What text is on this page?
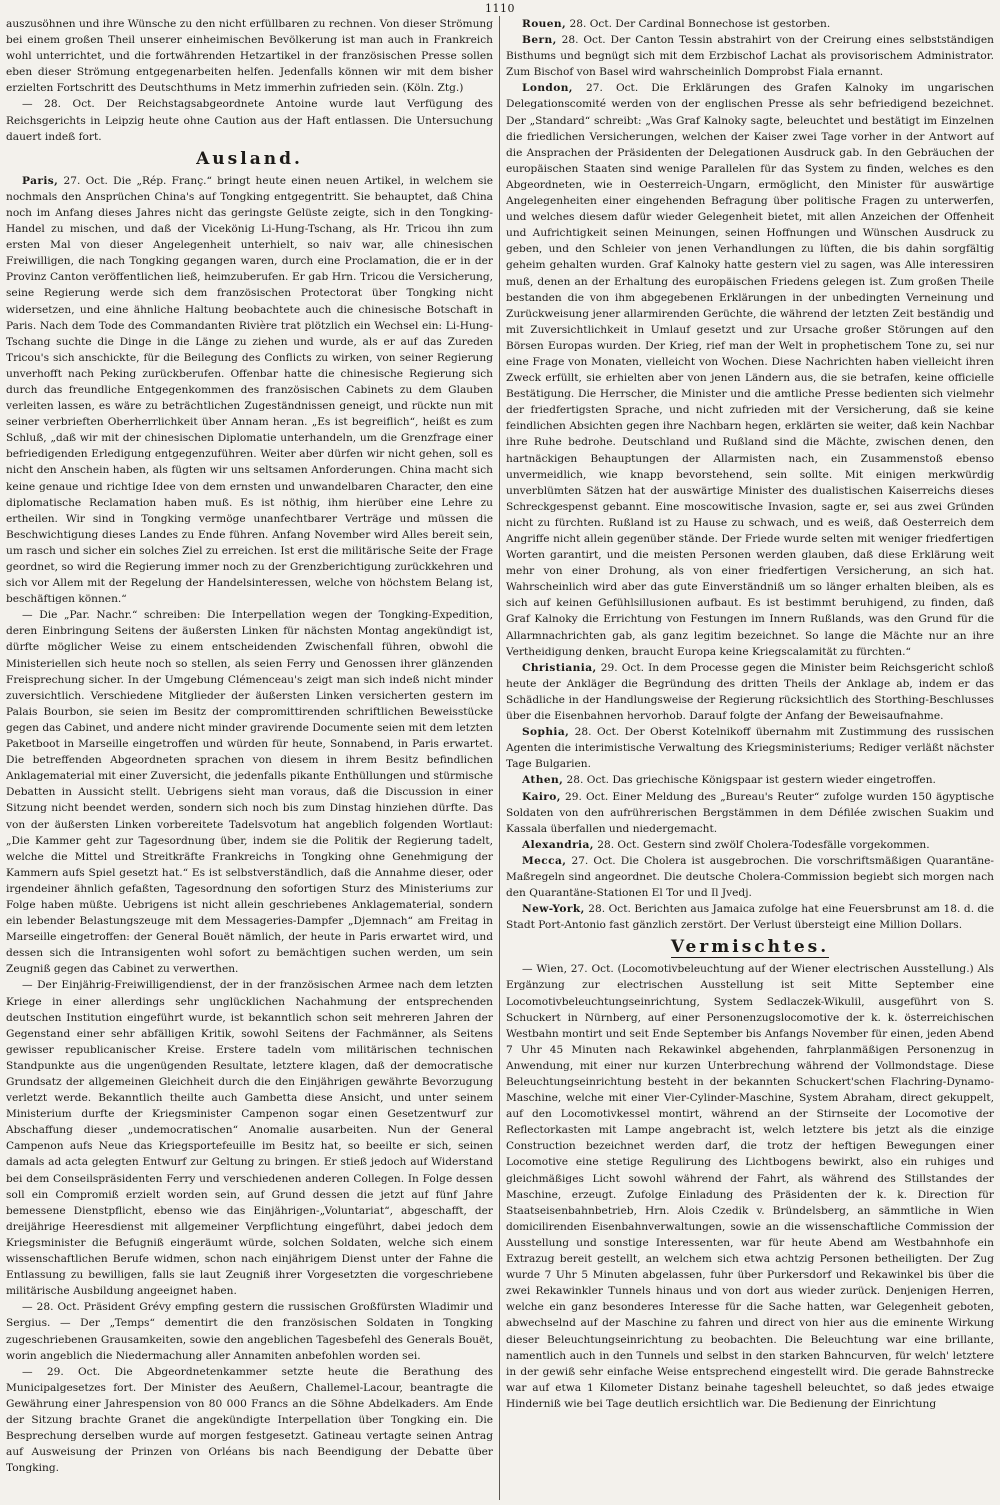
1110

auszusöhnen und ihre Wünsche zu den nicht erfüllbaren zu rechnen. Von dieser Strömung bei einem großen Theil unserer einheimischen Bevölkerung ist man auch in Frankreich wohl unterrichtet, und die fortwährenden Hetzartikel in der französischen Presse sollen eben dieser Strömung entgegenarbeiten helfen. Jedenfalls können wir mit dem bisher erzielten Fortschritt des Deutschthums in Metz immerhin zufrieden sein. (Köln. Ztg.)

— 28. Oct. Der Reichstagsabgeordnete Antoine wurde laut Verfügung des Reichsgerichts in Leipzig heute ohne Caution aus der Haft entlassen. Die Untersuchung dauert indeß fort.

Ausland.

Paris, 27. Oct. Die „Rép. Franç.“ bringt heute einen neuen Artikel, in welchem sie nochmals den Ansprüchen China's auf Tongking entgegentritt. Sie behauptet, daß China noch im Anfang dieses Jahres nicht das geringste Gelüste zeigte, sich in den Tongking-Handel zu mischen, und daß der Vicekönig Li-Hung-Tschang, als Hr. Tricou ihn zum ersten Mal von dieser Angelegenheit unterhielt, so naiv war, alle chinesischen Freiwilligen, die nach Tongking gegangen waren, durch eine Proclamation, die er in der Provinz Canton veröffentlichen ließ, heimzuberufen. Er gab Hrn. Tricou die Versicherung, seine Regierung werde sich dem französischen Protectorat über Tongking nicht widersetzen, und eine ähnliche Haltung beobachtete auch die chinesische Botschaft in Paris. Nach dem Tode des Commandanten Rivière trat plötzlich ein Wechsel ein: Li-Hung-Tschang suchte die Dinge in die Länge zu ziehen und wurde, als er auf das Zureden Tricou's sich anschickte, für die Beilegung des Conflicts zu wirken, von seiner Regierung unverhofft nach Peking zurückberufen. Offenbar hatte die chinesische Regierung sich durch das freundliche Entgegenkommen des französischen Cabinets zu dem Glauben verleiten lassen, es wäre zu beträchtlichen Zugeständnissen geneigt, und rückte nun mit seiner verbrieften Oberherrlichkeit über Annam heran. „Es ist begreiflich“, heißt es zum Schluß, „daß wir mit der chinesischen Diplomatie unterhandeln, um die Grenzfrage einer befriedigenden Erledigung entgegenzuführen. Weiter aber dürfen wir nicht gehen, soll es nicht den Anschein haben, als fügten wir uns seltsamen Anforderungen. China macht sich keine genaue und richtige Idee von dem ernsten und unwandelbaren Character, den eine diplomatische Reclamation haben muß. Es ist nöthig, ihm hierüber eine Lehre zu ertheilen. Wir sind in Tongking vermöge unanfechtbarer Verträge und müssen die Beschwichtigung dieses Landes zu Ende führen. Anfang November wird Alles bereit sein, um rasch und sicher ein solches Ziel zu erreichen. Ist erst die militärische Seite der Frage geordnet, so wird die Regierung immer noch zu der Grenzberichtigung zurückkehren und sich vor Allem mit der Regelung der Handelsinteressen, welche von höchstem Belang ist, beschäftigen können.“

— Die „Par. Nachr.“ schreiben: Die Interpellation wegen der Tongking-Expedition, deren Einbringung Seitens der äußersten Linken für nächsten Montag angekündigt ist, dürfte möglicher Weise zu einem entscheidenden Zwischenfall führen, obwohl die Ministeriellen sich heute noch so stellen, als seien Ferry und Genossen ihrer glänzenden Freisprechung sicher. In der Umgebung Clémenceau's zeigt man sich indeß nicht minder zuversichtlich. Verschiedene Mitglieder der äußersten Linken versicherten gestern im Palais Bourbon, sie seien im Besitz der compromittirenden schriftlichen Beweisstücke gegen das Cabinet, und andere nicht minder gravirende Documente seien mit dem letzten Paketboot in Marseille eingetroffen und würden für heute, Sonnabend, in Paris erwartet. Die betreffenden Abgeordneten sprachen von diesem in ihrem Besitz befindlichen Anklagematerial mit einer Zuversicht, die jedenfalls pikante Enthüllungen und stürmische Debatten in Aussicht stellt. Uebrigens sieht man voraus, daß die Discussion in einer Sitzung nicht beendet werden, sondern sich noch bis zum Dinstag hinziehen dürfte. Das von der äußersten Linken vorbereitete Tadelsvotum hat angeblich folgenden Wortlaut: „Die Kammer geht zur Tagesordnung über, indem sie die Politik der Regierung tadelt, welche die Mittel und Streitkräfte Frankreichs in Tongking ohne Genehmigung der Kammern aufs Spiel gesetzt hat.“ Es ist selbstverständlich, daß die Annahme dieser, oder irgendeiner ähnlich gefaßten, Tagesordnung den sofortigen Sturz des Ministeriums zur Folge haben müßte. Uebrigens ist nicht allein geschriebenes Anklagematerial, sondern ein lebender Belastungszeuge mit dem Messageries-Dampfer „Djemnach“ am Freitag in Marseille eingetroffen: der General Bouët nämlich, der heute in Paris erwartet wird, und dessen sich die Intransigenten wohl sofort zu bemächtigen suchen werden, um sein Zeugniß gegen das Cabinet zu verwerthen.

— Der Einjährig-Freiwilligendienst, der in der französischen Armee nach dem letzten Kriege in einer allerdings sehr unglücklichen Nachahmung der entsprechenden deutschen Institution eingeführt wurde, ist bekanntlich schon seit mehreren Jahren der Gegenstand einer sehr abfälligen Kritik, sowohl Seitens der Fachmänner, als Seitens gewisser republicanischer Kreise. Erstere tadeln vom militärischen technischen Standpunkte aus die ungenügenden Resultate, letztere klagen, daß der democratische Grundsatz der allgemeinen Gleichheit durch die den Einjährigen gewährte Bevorzugung verletzt werde. Bekanntlich theilte auch Gambetta diese Ansicht, und unter seinem Ministerium durfte der Kriegsminister Campenon sogar einen Gesetzentwurf zur Abschaffung dieser „undemocratischen“ Anomalie ausarbeiten. Nun der General Campenon aufs Neue das Kriegsportefeuille im Besitz hat, so beeilte er sich, seinen damals ad acta gelegten Entwurf zur Geltung zu bringen. Er stieß jedoch auf Widerstand bei dem Conseilspräsidenten Ferry und verschiedenen anderen Collegen. In Folge dessen soll ein Compromiß erzielt worden sein, auf Grund dessen die jetzt auf fünf Jahre bemessene Dienstpflicht, ebenso wie das Einjährigen-„Voluntariat“, abgeschafft, der dreijährige Heeresdienst mit allgemeiner Verpflichtung eingeführt, dabei jedoch dem Kriegsminister die Befugniß eingeräumt würde, solchen Soldaten, welche sich einem wissenschaftlichen Berufe widmen, schon nach einjährigem Dienst unter der Fahne die Entlassung zu bewilligen, falls sie laut Zeugniß ihrer Vorgesetzten die vorgeschriebene militärische Ausbildung angeeignet haben.

— 28. Oct. Präsident Grévy empfing gestern die russischen Großfürsten Wladimir und Sergius. — Der „Temps“ dementirt die den französischen Soldaten in Tongking zugeschriebenen Grausamkeiten, sowie den angeblichen Tagesbefehl des Generals Bouët, worin angeblich die Niedermachung aller Annamiten anbefohlen worden sei.

— 29. Oct. Die Abgeordnetenkammer setzte heute die Berathung des Municipalgesetzes fort. Der Minister des Aeußern, Challemel-Lacour, beantragte die Gewährung einer Jahrespension von 80 000 Francs an die Söhne Abdelkaders. Am Ende der Sitzung brachte Granet die angekündigte Interpellation über Tongking ein. Die Besprechung derselben wurde auf morgen festgesetzt. Gatineau vertagte seinen Antrag auf Ausweisung der Prinzen von Orléans bis nach Beendigung der Debatte über Tongking.

Rouen, 28. Oct. Der Cardinal Bonnechose ist gestorben.

Bern, 28. Oct. Der Canton Tessin abstrahirt von der Creirung eines selbstständigen Bisthums und begnügt sich mit dem Erzbischof Lachat als provisorischem Administrator. Zum Bischof von Basel wird wahrscheinlich Domprobst Fiala ernannt.

London, 27. Oct. Die Erklärungen des Grafen Kalnoky im ungarischen Delegationscomité werden von der englischen Presse als sehr befriedigend bezeichnet. Der „Standard“ schreibt: „Was Graf Kalnoky sagte, beleuchtet und bestätigt im Einzelnen die friedlichen Versicherungen, welchen der Kaiser zwei Tage vorher in der Antwort auf die Ansprachen der Präsidenten der Delegationen Ausdruck gab. In den Gebräuchen der europäischen Staaten sind wenige Parallelen für das System zu finden, welches es den Abgeordneten, wie in Oesterreich-Ungarn, ermöglicht, den Minister für auswärtige Angelegenheiten einer eingehenden Befragung über politische Fragen zu unterwerfen, und welches diesem dafür wieder Gelegenheit bietet, mit allen Anzeichen der Offenheit und Aufrichtigkeit seinen Meinungen, seinen Hoffnungen und Wünschen Ausdruck zu geben, und den Schleier von jenen Verhandlungen zu lüften, die bis dahin sorgfältig geheim gehalten wurden. Graf Kalnoky hatte gestern viel zu sagen, was Alle interessiren muß, denen an der Erhaltung des europäischen Friedens gelegen ist. Zum großen Theile bestanden die von ihm abgegebenen Erklärungen in der unbedingten Verneinung und Zurückweisung jener allarmirenden Gerüchte, die während der letzten Zeit beständig und mit Zuversichtlichkeit in Umlauf gesetzt und zur Ursache großer Störungen auf den Börsen Europas wurden. Der Krieg, rief man der Welt in prophetischem Tone zu, sei nur eine Frage von Monaten, vielleicht von Wochen. Diese Nachrichten haben vielleicht ihren Zweck erfüllt, sie erhielten aber von jenen Ländern aus, die sie betrafen, keine officielle Bestätigung. Die Herrscher, die Minister und die amtliche Presse bedienten sich vielmehr der friedfertigsten Sprache, und nicht zufrieden mit der Versicherung, daß sie keine feindlichen Absichten gegen ihre Nachbarn hegen, erklärten sie weiter, daß kein Nachbar ihre Ruhe bedrohe. Deutschland und Rußland sind die Mächte, zwischen denen, den hartnäckigen Behauptungen der Allarmisten nach, ein Zusammenstoß ebenso unvermeidlich, wie knapp bevorstehend, sein sollte. Mit einigen merkwürdig unverblümten Sätzen hat der auswärtige Minister des dualistischen Kaiserreichs dieses Schreckgespenst gebannt. Eine moscowitische Invasion, sagte er, sei aus zwei Gründen nicht zu fürchten. Rußland ist zu Hause zu schwach, und es weiß, daß Oesterreich dem Angriffe nicht allein gegenüber stände. Der Friede wurde selten mit weniger friedfertigen Worten garantirt, und die meisten Personen werden glauben, daß diese Erklärung weit mehr von einer Drohung, als von einer friedfertigen Versicherung, an sich hat. Wahrscheinlich wird aber das gute Einverständniß um so länger erhalten bleiben, als es sich auf keinen Gefühlsillusionen aufbaut. Es ist bestimmt beruhigend, zu finden, daß Graf Kalnoky die Errichtung von Festungen im Innern Rußlands, was den Grund für die Allarmnachrichten gab, als ganz legitim bezeichnet. So lange die Mächte nur an ihre Vertheidigung denken, braucht Europa keine Kriegscalamität zu fürchten.“

Christiania, 29. Oct. In dem Processe gegen die Minister beim Reichsgericht schloß heute der Ankläger die Begründung des dritten Theils der Anklage ab, indem er das Schädliche in der Handlungsweise der Regierung rücksichtlich des Storthing-Beschlusses über die Eisenbahnen hervorhob. Darauf folgte der Anfang der Beweisaufnahme.

Sophia, 28. Oct. Der Oberst Kotelnikoff übernahm mit Zustimmung des russischen Agenten die interimistische Verwaltung des Kriegsministeriums; Rediger verläßt nächster Tage Bulgarien.

Athen, 28. Oct. Das griechische Königspaar ist gestern wieder eingetroffen.

Kairo, 29. Oct. Einer Meldung des „Bureau's Reuter“ zufolge wurden 150 ägyptische Soldaten von den aufrührerischen Bergstämmen in dem Défilée zwischen Suakim und Kassala überfallen und niedergemacht.

Alexandria, 28. Oct. Gestern sind zwölf Cholera-Todesfälle vorgekommen.

Mecca, 27. Oct. Die Cholera ist ausgebrochen. Die vorschriftsmäßigen Quarantäne-Maßregeln sind angeordnet. Die deutsche Cholera-Commission begiebt sich morgen nach den Quarantäne-Stationen El Tor und Il Jvedj.

New-York, 28. Oct. Berichten aus Jamaica zufolge hat eine Feuersbrunst am 18. d. die Stadt Port-Antonio fast gänzlich zerstört. Der Verlust übersteigt eine Million Dollars.

Vermischtes.

— Wien, 27. Oct. (Locomotivbeleuchtung auf der Wiener electrischen Ausstellung.) Als Ergänzung zur electrischen Ausstellung ist seit Mitte September eine Locomotivbeleuchtungseinrichtung, System Sedlaczek-Wikulil, ausgeführt von S. Schuckert in Nürnberg, auf einer Personenzugslocomotive der k. k. österreichischen Westbahn montirt und seit Ende September bis Anfangs November für einen, jeden Abend 7 Uhr 45 Minuten nach Rekawinkel abgehenden, fahrplanmäßigen Personenzug in Anwendung, mit einer nur kurzen Unterbrechung während der Vollmondstage. Diese Beleuchtungseinrichtung besteht in der bekannten Schuckert'schen Flachring-Dynamo-Maschine, welche mit einer Vier-Cylinder-Maschine, System Abraham, direct gekuppelt, auf den Locomotivkessel montirt, während an der Stirnseite der Locomotive der Reflectorkasten mit Lampe angebracht ist, welch letztere bis jetzt als die einzige Construction bezeichnet werden darf, die trotz der heftigen Bewegungen einer Locomotive eine stetige Regulirung des Lichtbogens bewirkt, also ein ruhiges und gleichmäßiges Licht sowohl während der Fahrt, als während des Stillstandes der Maschine, erzeugt. Zufolge Einladung des Präsidenten der k. k. Direction für Staatseisenbahnbetrieb, Hrn. Alois Czedik v. Bründelsberg, an sämmtliche in Wien domicilirenden Eisenbahnverwaltungen, sowie an die wissenschaftliche Commission der Ausstellung und sonstige Interessenten, war für heute Abend am Westbahnhofe ein Extrazug bereit gestellt, an welchem sich etwa achtzig Personen betheiligten. Der Zug wurde 7 Uhr 5 Minuten abgelassen, fuhr über Purkersdorf und Rekawinkel bis über die zwei Rekawinkler Tunnels hinaus und von dort aus wieder zurück. Denjenigen Herren, welche ein ganz besonderes Interesse für die Sache hatten, war Gelegenheit geboten, abwechselnd auf der Maschine zu fahren und direct von hier aus die eminente Wirkung dieser Beleuchtungseinrichtung zu beobachten. Die Beleuchtung war eine brillante, namentlich auch in den Tunnels und selbst in den starken Bahncurven, für welch' letztere in der gewiß sehr einfache Weise entsprechend eingestellt wird. Die gerade Bahnstrecke war auf etwa 1 Kilometer Distanz beinahe tageshell beleuchtet, so daß jedes etwaige Hinderniß wie bei Tage deutlich ersichtlich war. Die Bedienung der Einrichtung
